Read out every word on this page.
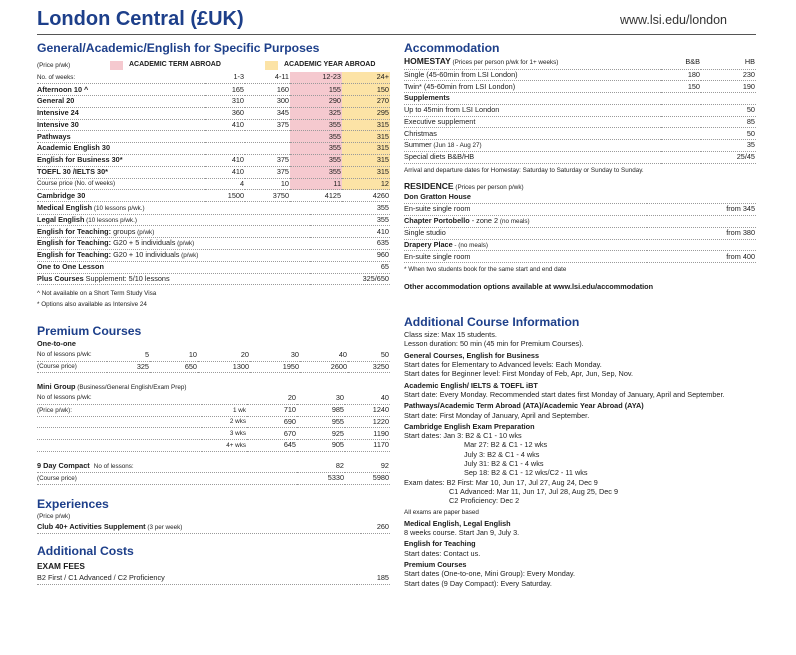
London Central (£UK)	www.lsi.edu/london
General/Academic/English for Specific Purposes
(Price p/wk)	ACADEMIC TERM ABROAD	ACADEMIC YEAR ABROAD
No. of weeks:	1-3	4-11	12-23	24+
Afternoon 10 ^	165	160	155	150
General 20	310	300	290	270
Intensive 24	360	345	325	295
Intensive 30	410	375	355	315
Pathways			355	315
Academic English 30			355	315
English for Business 30*	410	375	355	315
TOEFL 30 /IELTS 30*	410	375	355	315
Course price (No. of weeks)	4	10	11	12
Cambridge 30	1500	3750	4125	4260
Medical English (10 lessons p/wk.)	355
Legal English (10 lessons p/wk.)	355
English for Teaching: groups (p/wk)	410
English for Teaching: G20 + 5 individuals (p/wk)	635
English for Teaching: G20 + 10 individuals (p/wk)	960
One to One Lesson	65
Plus Courses Supplement: 5/10 lessons	325/650
^ Not available on a Short Term Study Visa
* Options also available as Intensive 24
Premium Courses
One-to-one
No of lessons p/wk:	5	10	20	30	40	50
(Course price)	325	650	1300	1950	2600	3250
Mini Group (Business/General English/Exam Prep)
No of lessons p/wk:		20	30	40
(Price p/wk):	1 wk	710	985	1240
	2 wks	690	955	1220
	3 wks	670	925	1190
	4+ wks	645	905	1170
9 Day Compact No of lessons:	82	92
(Course price)	5330	5980
Experiences
(Price p/wk)
Club 40+ Activities Supplement (3 per week)	260
Additional Costs
EXAM FEES
B2 First / C1 Advanced / C2 Proficiency	185
Accommodation
HOMESTAY (Prices per person p/wk for 1+ weeks)	B&B	HB
Single (45-60min from LSI London)	180	230
Twin* (45-60min from LSI London)	150	190
Supplements		
Up to 45min from LSI London		50
Executive supplement		85
Christmas		50
Summer (Jun 18 - Aug 27)		35
Special diets B&B/HB		25/45
Arrival and departure dates for Homestay: Saturday to Saturday or Sunday to Sunday.
RESIDENCE (Prices per person p/wk)
Don Gratton House	
En-suite single room	from 345
Chapter Portobello - zone 2 (no meals)	
Single studio	from 380
Drapery Place - (no meals)	
En-suite single room	from 400
* When two students book for the same start and end date
Other accommodation options available at www.lsi.edu/accommodation
Additional Course Information
Class size: Max 15 students.
Lesson duration: 50 min (45 min for Premium Courses).
General Courses, English for Business
Start dates for Elementary to Advanced levels: Each Monday.
Start dates for Beginner level: First Monday of Feb, Apr, Jun, Sep, Nov.
Academic English/ IELTS & TOEFL iBT
Start date: Every Monday. Recommended start dates first Monday of January, April and September.
Pathways/Academic Term Abroad (ATA)/Academic Year Abroad (AYA)
Start date: First Monday of January, April and September.
Cambridge English Exam Preparation
Start dates: Jan 3: B2 & C1 - 10 wks
Mar 27: B2 & C1 - 12 wks
July 3: B2 & C1 - 4 wks
July 31: B2 & C1 - 4 wks
Sep 18: B2 & C1 - 12 wks/C2 - 11 wks
Exam dates: B2 First: Mar 10, Jun 17, Jul 27, Aug 24, Dec 9
C1 Advanced: Mar 11, Jun 17, Jul 28, Aug 25, Dec 9
C2 Proficiency: Dec 2
All exams are paper based
Medical English, Legal English
8 weeks course. Start Jan 9, July 3.
English for Teaching
Start dates: Contact us.
Premium Courses
Start dates (One-to-one, Mini Group): Every Monday.
Start dates (9 Day Compact): Every Saturday.
